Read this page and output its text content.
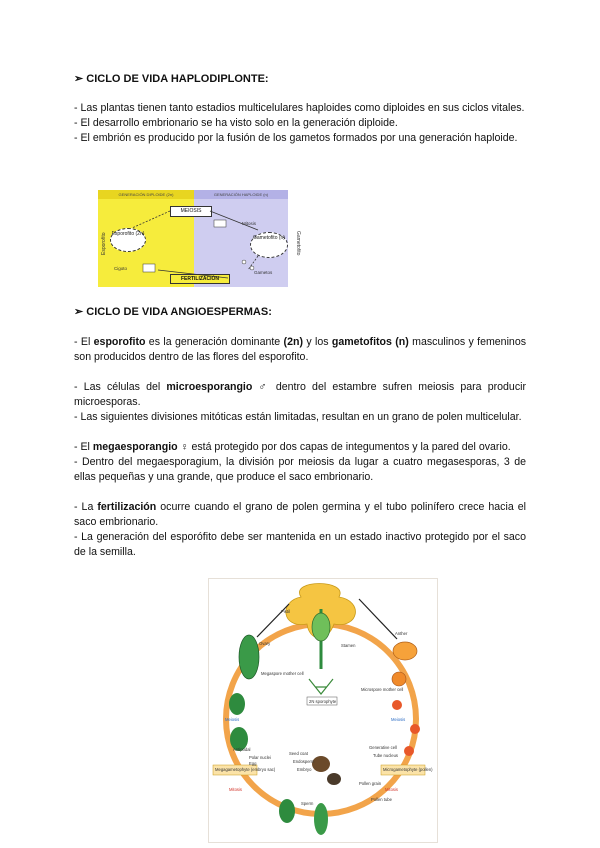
➢ CICLO DE VIDA HAPLODIPLONTE:

- Las plantas tienen tanto estadios multicelulares haploides como diploides en sus ciclos vitales.

- El desarrollo embrionario se ha visto solo en la generación diploide.

- El embrión es producido por la fusión de los gametos formados por una generación haploide.

GENERACIÓN DIPLOIDE (2n)	GENERACIÓN HAPLOIDE (n)
Esporofito	Gametofito
MEIOSIS
Esporofito (2n)
Gametofito (n)
Mitosis
Cigoto
Gametos
FERTILIZACIÓN
➢ CICLO DE VIDA ANGIOESPERMAS:

- El esporofito es la generación dominante (2n) y los gametofitos (n) masculinos y femeninos son producidos dentro de las flores del esporofito.

- Las células del microesporangio ♂ dentro del estambre sufren meiosis para producir microesporas.

- Las siguientes divisiones mitóticas están limitadas, resultan en un grano de polen multicelular.

- El megaesporangio ♀ está protegido por dos capas de integumentos y la pared del ovario.

- Dentro del megaesporagium, la división por meiosis da lugar a cuatro megasesporas, 3 de ellas pequeñas y una grande, que produce el saco embrionario.

- La fertilización ocurre cuando el grano de polen germina y el tubo polinífero crece hacia el saco embrionario.

- La generación del esporófito debe ser mantenida en un estado inactivo protegido por el saco de la semilla.

Pistil
Anther
Stamen
Ovary
Megaspore mother cell
Microspore mother cell
2N sporophyte
Meiosis	Meiosis
Seed coat
Endosperm
Embryo
Generative cell
Tube nucleus
Megagametophyte (embryo sac)	Microgametophyte (pollen)
Antipodal
Polar nuclei
Egg
Pollen grain
Pollen tube
Sperm
Mitosis	Mitosis
